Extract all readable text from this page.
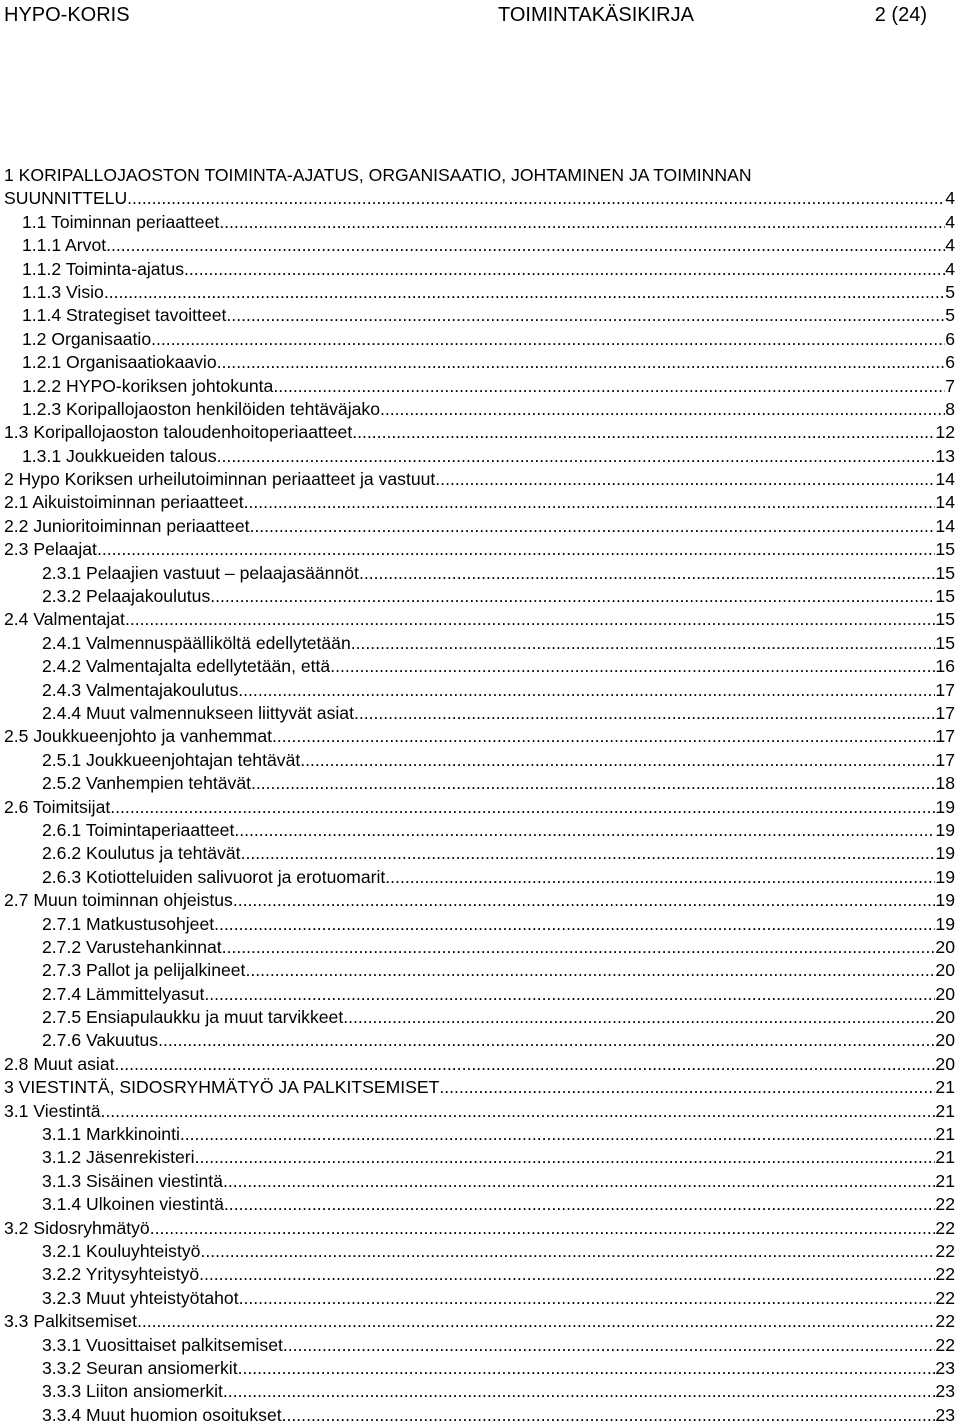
HYPO-KORIS	TOIMINTAKÄSIKIRJA	2 (24)
1 KORIPALLOJAOSTON TOIMINTA-AJATUS, ORGANISAATIO, JOHTAMINEN JA TOIMINNAN
SUUNNITTELU .....	4
1.1 Toiminnan periaatteet .....	4
1.1.1 Arvot .....	4
1.1.2 Toiminta-ajatus .....	4
1.1.3 Visio .....	5
1.1.4 Strategiset tavoitteet .....	5
1.2 Organisaatio .....	6
1.2.1 Organisaatiokaavio .....	6
1.2.2 HYPO-koriksen johtokunta .....	7
1.2.3 Koripallojaoston henkilöiden tehtäväjako .....	8
1.3 Koripallojaoston taloudenhoitoperiaatteet .....	12
1.3.1 Joukkueiden talous .....	13
2 Hypo Koriksen urheilutoiminnan periaatteet ja vastuut .....	14
2.1 Aikuistoiminnan periaatteet .....	14
2.2 Junioritoiminnan periaatteet .....	14
2.3 Pelaajat .....	15
2.3.1 Pelaajien vastuut – pelaajasäännöt .....	15
2.3.2 Pelaajakoulutus .....	15
2.4 Valmentajat .....	15
2.4.1 Valmennuspäälliköltä edellytetään .....	15
2.4.2 Valmentajalta edellytetään, että .....	16
2.4.3 Valmentajakoulutus .....	17
2.4.4 Muut valmennukseen liittyvät asiat .....	17
2.5 Joukkueenjohto ja vanhemmat .....	17
2.5.1 Joukkueenjohtajan tehtävät .....	17
2.5.2 Vanhempien tehtävät .....	18
2.6 Toimitsijat .....	19
2.6.1 Toimintaperiaatteet .....	19
2.6.2 Koulutus ja tehtävät .....	19
2.6.3 Kotiotteluiden salivuorot ja erotuomarit .....	19
2.7 Muun toiminnan ohjeistus .....	19
2.7.1 Matkustusohjeet .....	19
2.7.2 Varustehankinnat .....	20
2.7.3 Pallot ja pelijalkineet .....	20
2.7.4 Lämmittelyasut .....	20
2.7.5 Ensiapulaukku ja muut tarvikkeet .....	20
2.7.6 Vakuutus .....	20
2.8 Muut asiat .....	20
3 VIESTINTÄ, SIDOSRYHMÄTYÖ JA PALKITSEMISET .....	21
3.1 Viestintä .....	21
3.1.1 Markkinointi .....	21
3.1.2 Jäsenrekisteri .....	21
3.1.3 Sisäinen viestintä .....	21
3.1.4 Ulkoinen viestintä .....	22
3.2 Sidosryhmätyö .....	22
3.2.1 Kouluyhteistyö .....	22
3.2.2 Yritysyhteistyö .....	22
3.2.3 Muut yhteistyötahot .....	22
3.3 Palkitsemiset .....	22
3.3.1 Vuosittaiset palkitsemiset .....	22
3.3.2 Seuran ansiomerkit .....	23
3.3.3 Liiton ansiomerkit .....	23
3.3.4 Muut huomion osoitukset .....	23
